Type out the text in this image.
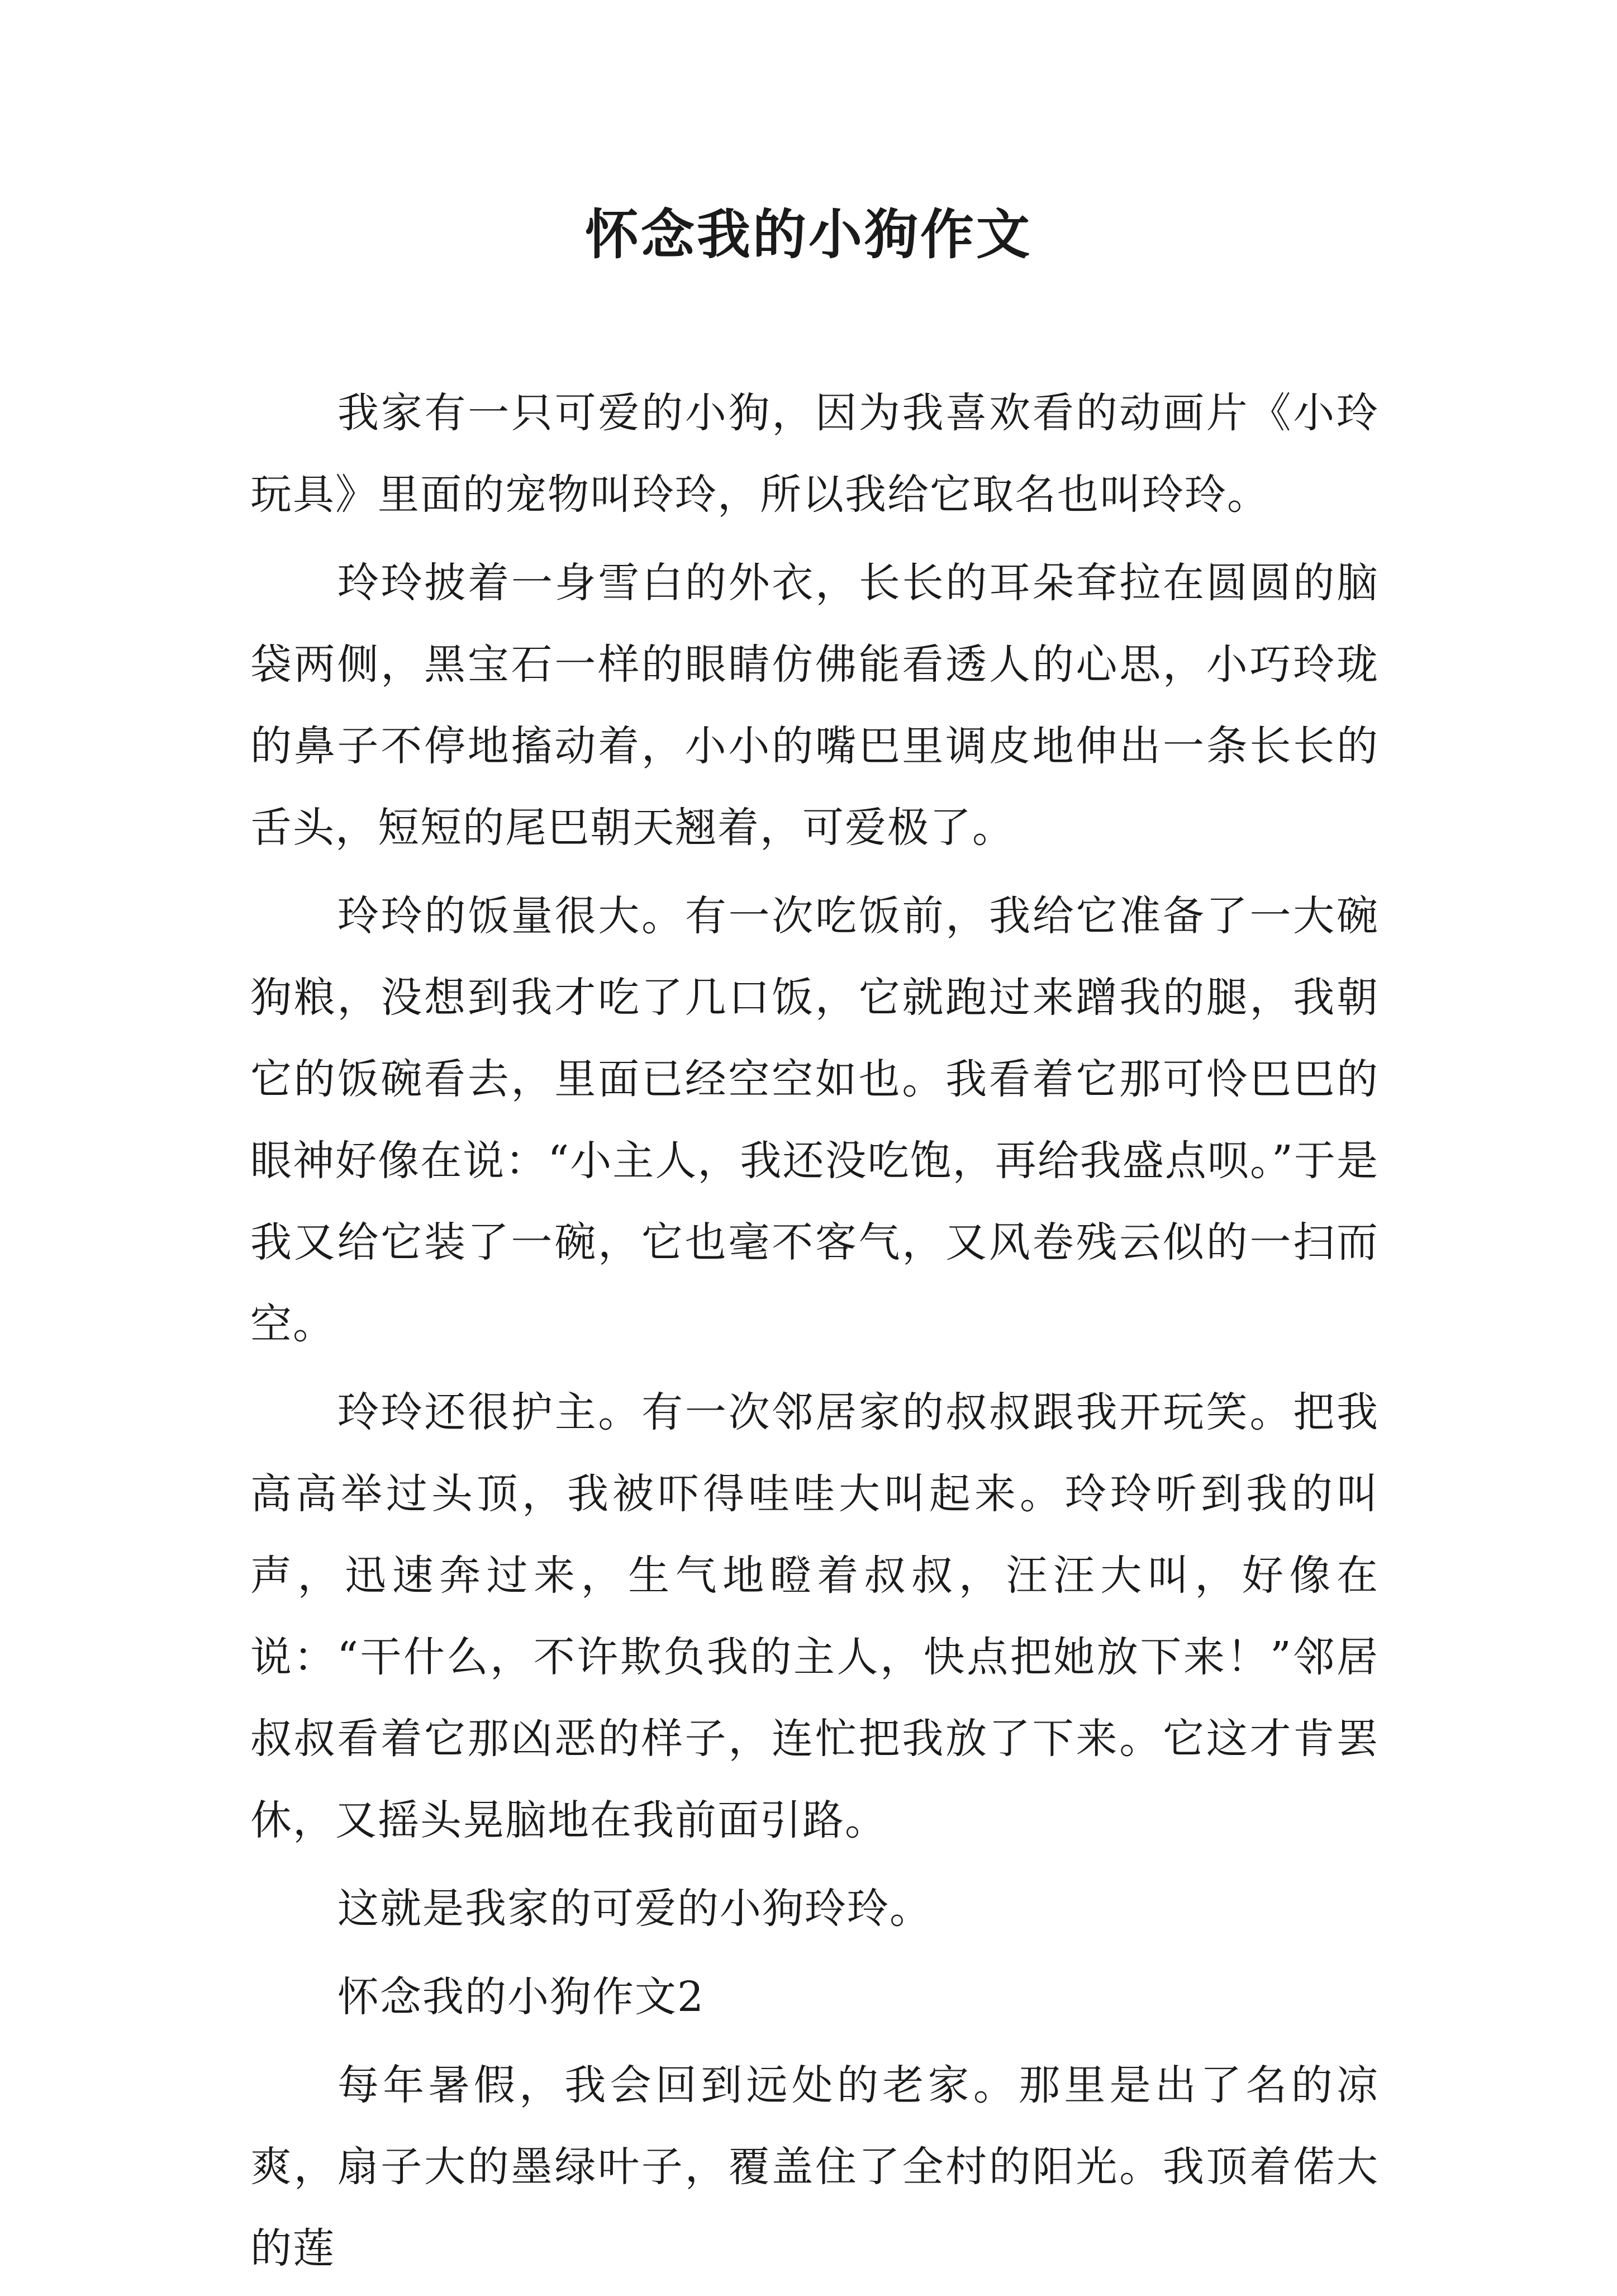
怀念我的小狗作文

我家有一只可爱的小狗，因为我喜欢看的动画片《小玲玩具》里面的宠物叫玲玲，所以我给它取名也叫玲玲。

玲玲披着一身雪白的外衣，长长的耳朵耷拉在圆圆的脑袋两侧，黑宝石一样的眼睛仿佛能看透人的心思，小巧玲珑的鼻子不停地搐动着，小小的嘴巴里调皮地伸出一条长长的舌头，短短的尾巴朝天翘着，可爱极了。

玲玲的饭量很大。有一次吃饭前，我给它准备了一大碗狗粮，没想到我才吃了几口饭，它就跑过来蹭我的腿，我朝它的饭碗看去，里面已经空空如也。我看着它那可怜巴巴的眼神好像在说：“小主人，我还没吃饱，再给我盛点呗。”于是我又给它装了一碗，它也毫不客气，又风卷残云似的一扫而空。

玲玲还很护主。有一次邻居家的叔叔跟我开玩笑。把我高高举过头顶，我被吓得哇哇大叫起来。玲玲听到我的叫声，迅速奔过来，生气地瞪着叔叔，汪汪大叫，好像在说：“干什么，不许欺负我的主人，快点把她放下来！”邻居叔叔看着它那凶恶的样子，连忙把我放了下来。它这才肯罢休，又摇头晃脑地在我前面引路。

这就是我家的可爱的小狗玲玲。

怀念我的小狗作文2

每年暑假，我会回到远处的老家。那里是出了名的凉爽，扇子大的墨绿叶子，覆盖住了全村的阳光。我顶着偌大的莲
